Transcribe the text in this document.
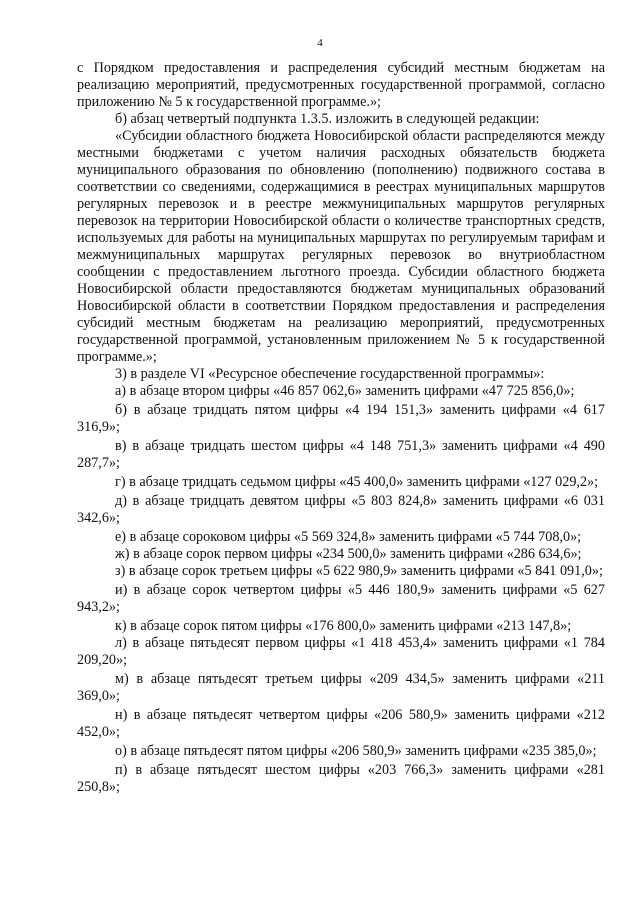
4

с Порядком предоставления и распределения субсидий местным бюджетам на реализацию мероприятий, предусмотренных государственной программой, согласно приложению № 5 к государственной программе.»;

б) абзац четвертый подпункта 1.3.5. изложить в следующей редакции:

«Субсидии областного бюджета Новосибирской области распределяются между местными бюджетами с учетом наличия расходных обязательств бюджета муниципального образования по обновлению (пополнению) подвижного состава в соответствии со сведениями, содержащимися в реестрах муниципальных маршрутов регулярных перевозок и в реестре межмуниципальных маршрутов регулярных перевозок на территории Новосибирской области о количестве транспортных средств, используемых для работы на муниципальных маршрутах по регулируемым тарифам и межмуниципальных маршрутах регулярных перевозок во внутриобластном сообщении с предоставлением льготного проезда. Субсидии областного бюджета Новосибирской области предоставляются бюджетам муниципальных образований Новосибирской области в соответствии Порядком предоставления и распределения субсидий местным бюджетам на реализацию мероприятий, предусмотренных государственной программой, установленным приложением № 5 к государственной программе.»;

3) в разделе VI «Ресурсное обеспечение государственной программы»:

а) в абзаце втором цифры «46 857 062,6» заменить цифрами «47 725 856,0»;

б) в абзаце тридцать пятом цифры «4 194 151,3» заменить цифрами «4 617 316,9»;

в) в абзаце тридцать шестом цифры «4 148 751,3» заменить цифрами «4 490 287,7»;

г) в абзаце тридцать седьмом цифры «45 400,0» заменить цифрами «127 029,2»;

д) в абзаце тридцать девятом цифры «5 803 824,8» заменить цифрами «6 031 342,6»;

е) в абзаце сороковом цифры «5 569 324,8» заменить цифрами «5 744 708,0»;

ж) в абзаце сорок первом цифры «234 500,0» заменить цифрами «286 634,6»;

з) в абзаце сорок третьем цифры «5 622 980,9» заменить цифрами «5 841 091,0»;

и) в абзаце сорок четвертом цифры «5 446 180,9» заменить цифрами «5 627 943,2»;

к) в абзаце сорок пятом цифры «176 800,0» заменить цифрами «213 147,8»;

л) в абзаце пятьдесят первом цифры «1 418 453,4» заменить цифрами «1 784 209,20»;

м) в абзаце пятьдесят третьем цифры «209 434,5» заменить цифрами «211 369,0»;

н) в абзаце пятьдесят четвертом цифры «206 580,9» заменить цифрами «212 452,0»;

о) в абзаце пятьдесят пятом цифры «206 580,9» заменить цифрами «235 385,0»;

п) в абзаце пятьдесят шестом цифры «203 766,3» заменить цифрами «281 250,8»;
